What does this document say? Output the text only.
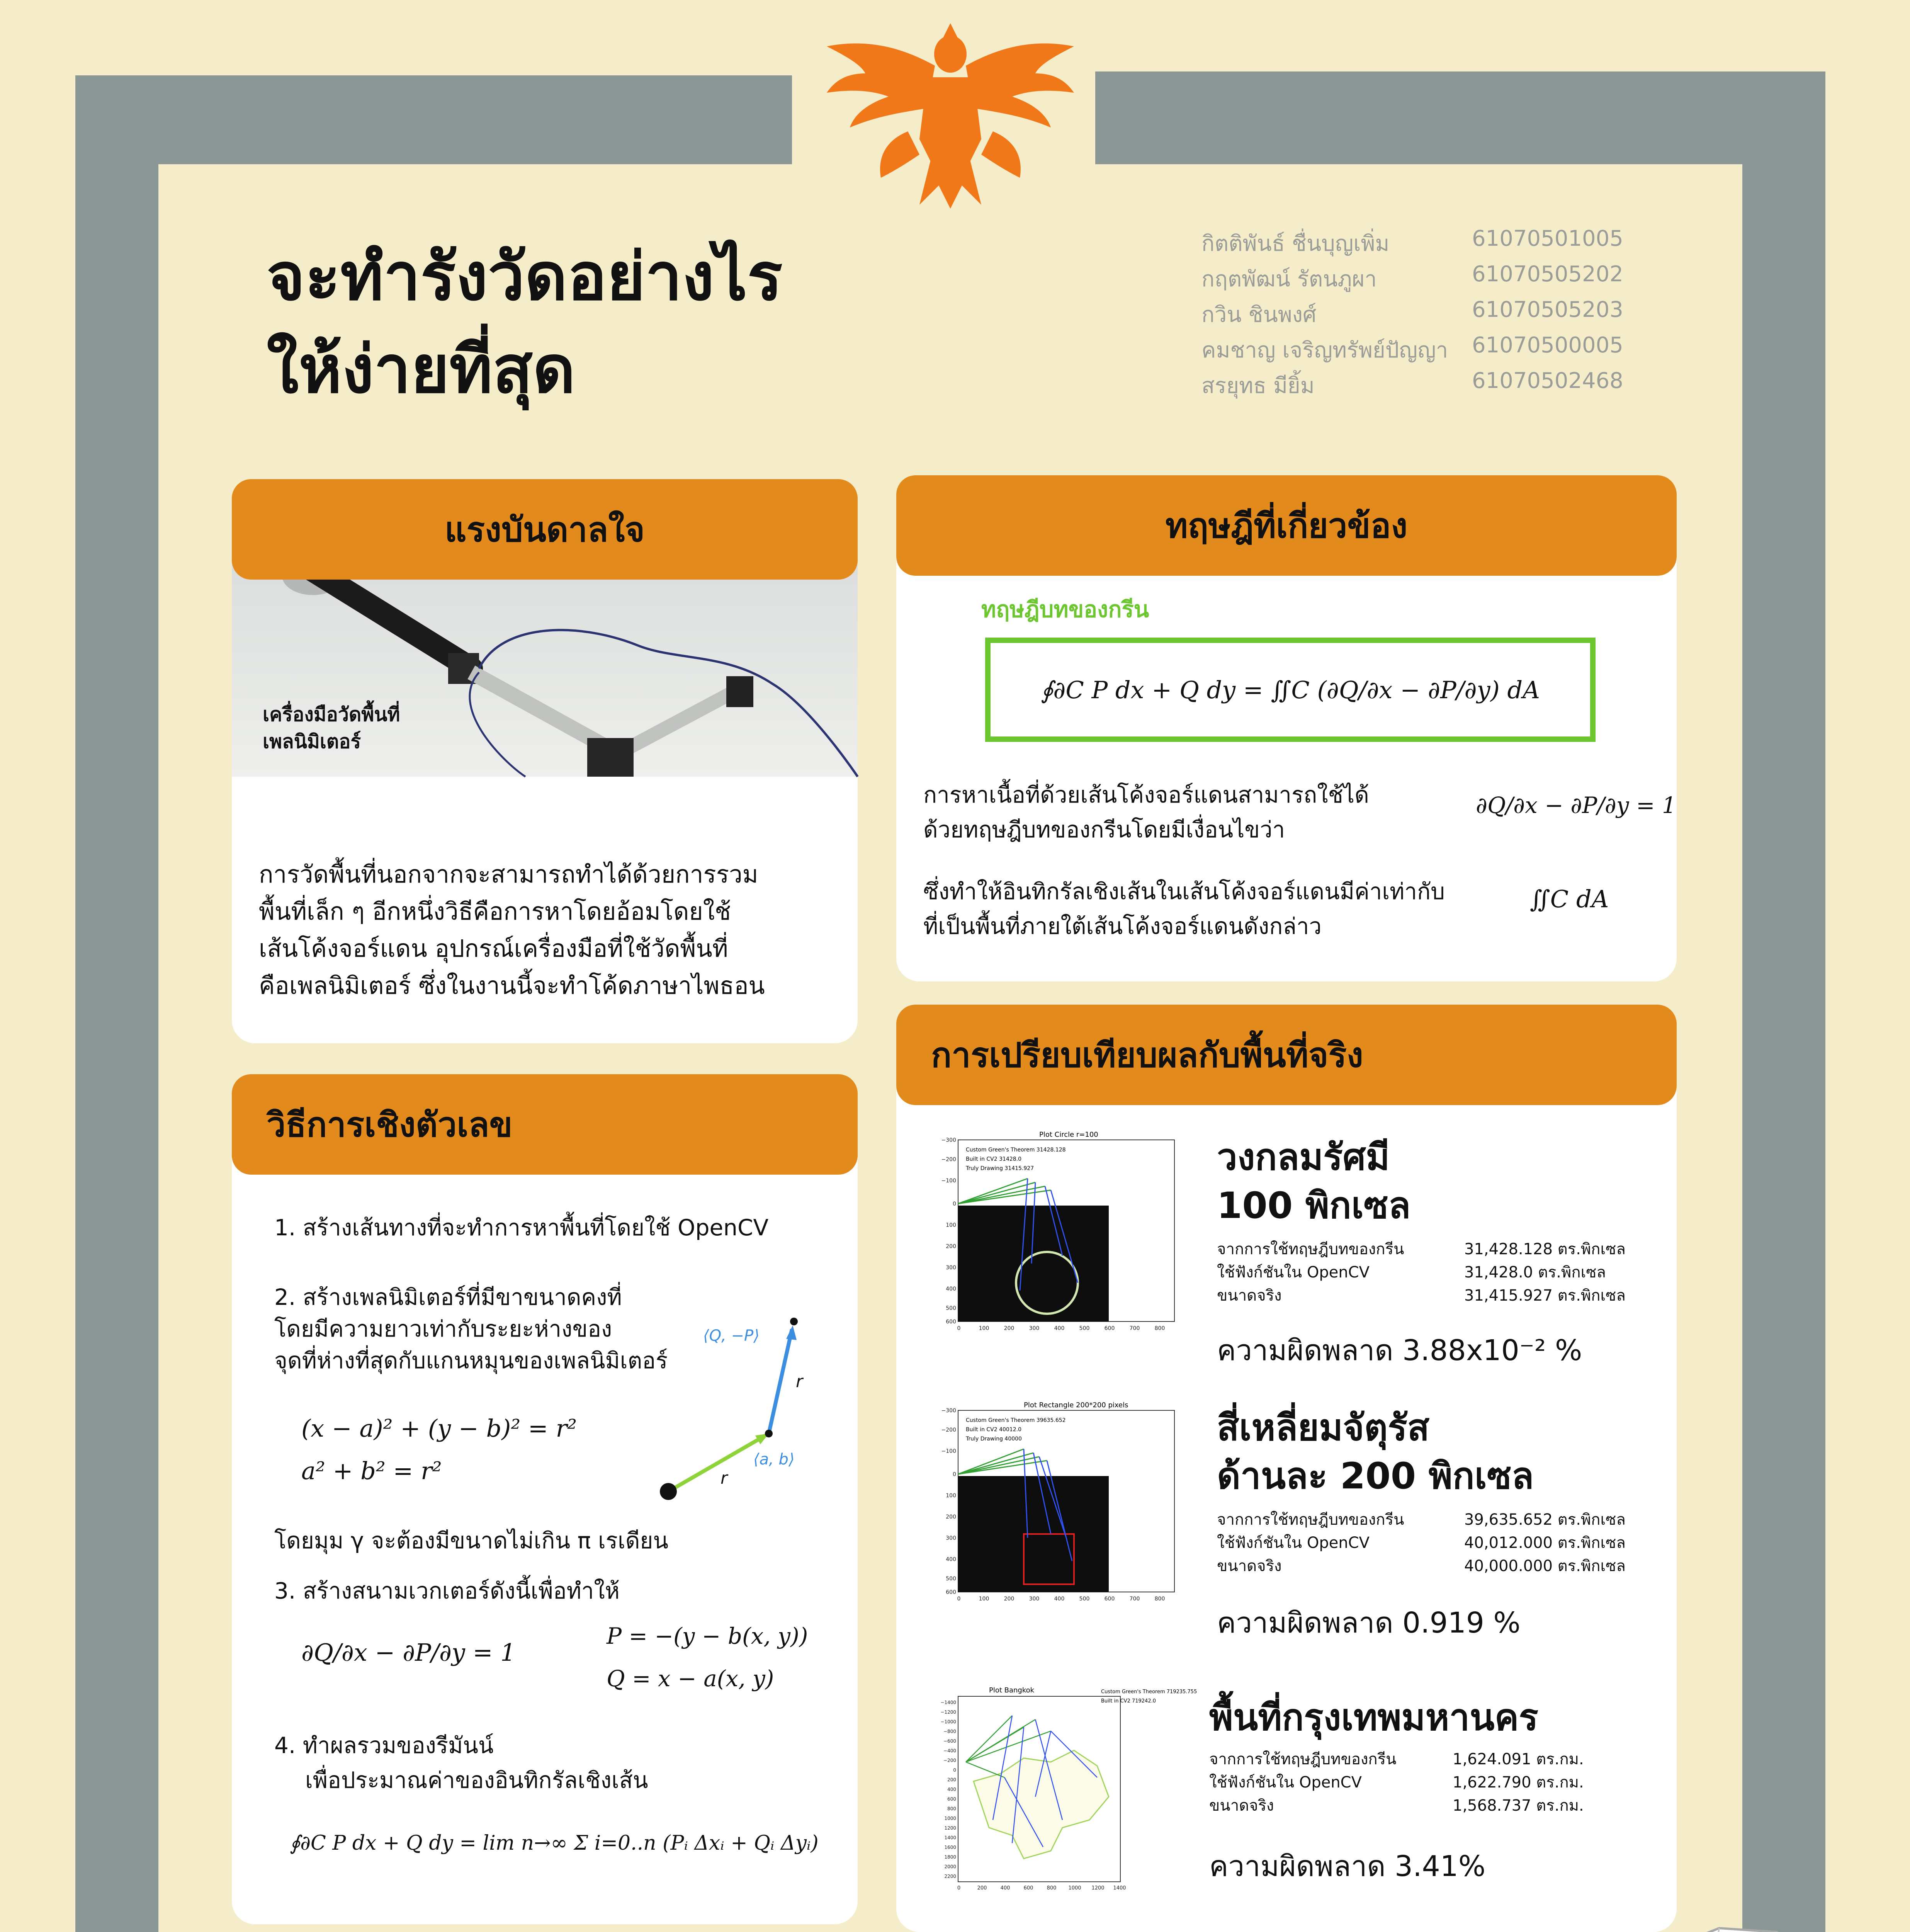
จะทำรังวัดอย่างไร
ให้ง่ายที่สุด
กิตติพันธ์ ชื่นบุญเพิ่ม	61070501005
กฤตพัฒน์ รัตนภูผา	61070505202
กวิน ชินพงศ์	61070505203
คมชาญ เจริญทรัพย์ปัญญา 61070500005
สรยุทธ มียิ้ม	61070502468
เครื่องมือวัดพื้นที่
เพลนิมิเตอร์
การวัดพื้นที่นอกจากจะสามารถทำได้ด้วยการรวม
พื้นที่เล็ก ๆ อีกหนึ่งวิธีคือการหาโดยอ้อมโดยใช้
เส้นโค้งจอร์แดน อุปกรณ์เครื่องมือที่ใช้วัดพื้นที่
คือเพลนิมิเตอร์ ซึ่งในงานนี้จะทำโค้ดภาษาไพธอน
แรงบันดาลใจ
1. สร้างเส้นทางที่จะทำการหาพื้นที่โดยใช้ OpenCV
2. สร้างเพลนิมิเตอร์ที่มีขาขนาดคงที่
โดยมีความยาวเท่ากับระยะห่างของ
จุดที่ห่างที่สุดกับแกนหมุนของเพลนิมิเตอร์
(x − a)² + (y − b)² = r²
a² + b² = r²
⟨Q, −P⟩
⟨a, b⟩
r
r
โดยมุม γ จะต้องมีขนาดไม่เกิน π เรเดียน
3. สร้างสนามเวกเตอร์ดังนี้เพื่อทำให้
∂Q/∂x − ∂P/∂y = 1
P = −(y − b(x, y))
Q = x − a(x, y)
4. ทำผลรวมของรีมันน์
เพื่อประมาณค่าของอินทิกรัลเชิงเส้น
∮∂C P dx + Q dy = lim n→∞ Σ i=0..n (Pᵢ Δxᵢ + Qᵢ Δyᵢ)
วิธีการเชิงตัวเลข
ทฤษฎีบทของกรีน
∮∂C P dx + Q dy = ∬C (∂Q/∂x − ∂P/∂y) dA
การหาเนื้อที่ด้วยเส้นโค้งจอร์แดนสามารถใช้ได้
ด้วยทฤษฎีบทของกรีนโดยมีเงื่อนไขว่า
∂Q/∂x − ∂P/∂y = 1
ซึ่งทำให้อินทิกรัลเชิงเส้นในเส้นโค้งจอร์แดนมีค่าเท่ากับ
ที่เป็นพื้นที่ภายใต้เส้นโค้งจอร์แดนดังกล่าว
∬C dA
ทฤษฎีที่เกี่ยวข้อง
Plot Circle r=100
Custom Green's Theorem 31428.128
Built in CV2 31428.0
Truly Drawing 31415.927
−300
−200
−100
0
100
200
300
400
500
600
0	100	200	300	400	500	600	700	800
วงกลมรัศมี
100 พิกเซล
จากการใช้ทฤษฎีบทของกรีน	31,428.128 ตร.พิกเซล
ใช้ฟังก์ชันใน OpenCV	31,428.0 ตร.พิกเซล
ขนาดจริง	31,415.927 ตร.พิกเซล
ความผิดพลาด 3.88x10⁻² %
Plot Rectangle 200*200 pixels
Custom Green's Theorem 39635.652
Built in CV2 40012.0
Truly Drawing 40000
−300
−200
−100
0
100
200
300
400
500
600
0	100	200	300	400	500	600	700	800
สี่เหลี่ยมจัตุรัส
ด้านละ 200 พิกเซล
จากการใช้ทฤษฎีบทของกรีน	39,635.652 ตร.พิกเซล
ใช้ฟังก์ชันใน OpenCV	40,012.000 ตร.พิกเซล
ขนาดจริง	40,000.000 ตร.พิกเซล
ความผิดพลาด 0.919 %
Plot Bangkok	Custom Green's Theorem 719235.755
Built in CV2 719242.0
−1400
−1200
−1000
−800
−600
−400
−200
0
200
400
600
800
1000
1200
1400
1600
1800
2000
2200
0	200	400	600	800 1000 1200 1400
พื้นที่กรุงเทพมหานคร
จากการใช้ทฤษฎีบทของกรีน	1,624.091 ตร.กม.
ใช้ฟังก์ชันใน OpenCV	1,622.790 ตร.กม.
ขนาดจริง	1,568.737 ตร.กม.
ความผิดพลาด 3.41%
การเปรียบเทียบผลกับพื้นที่จริง
